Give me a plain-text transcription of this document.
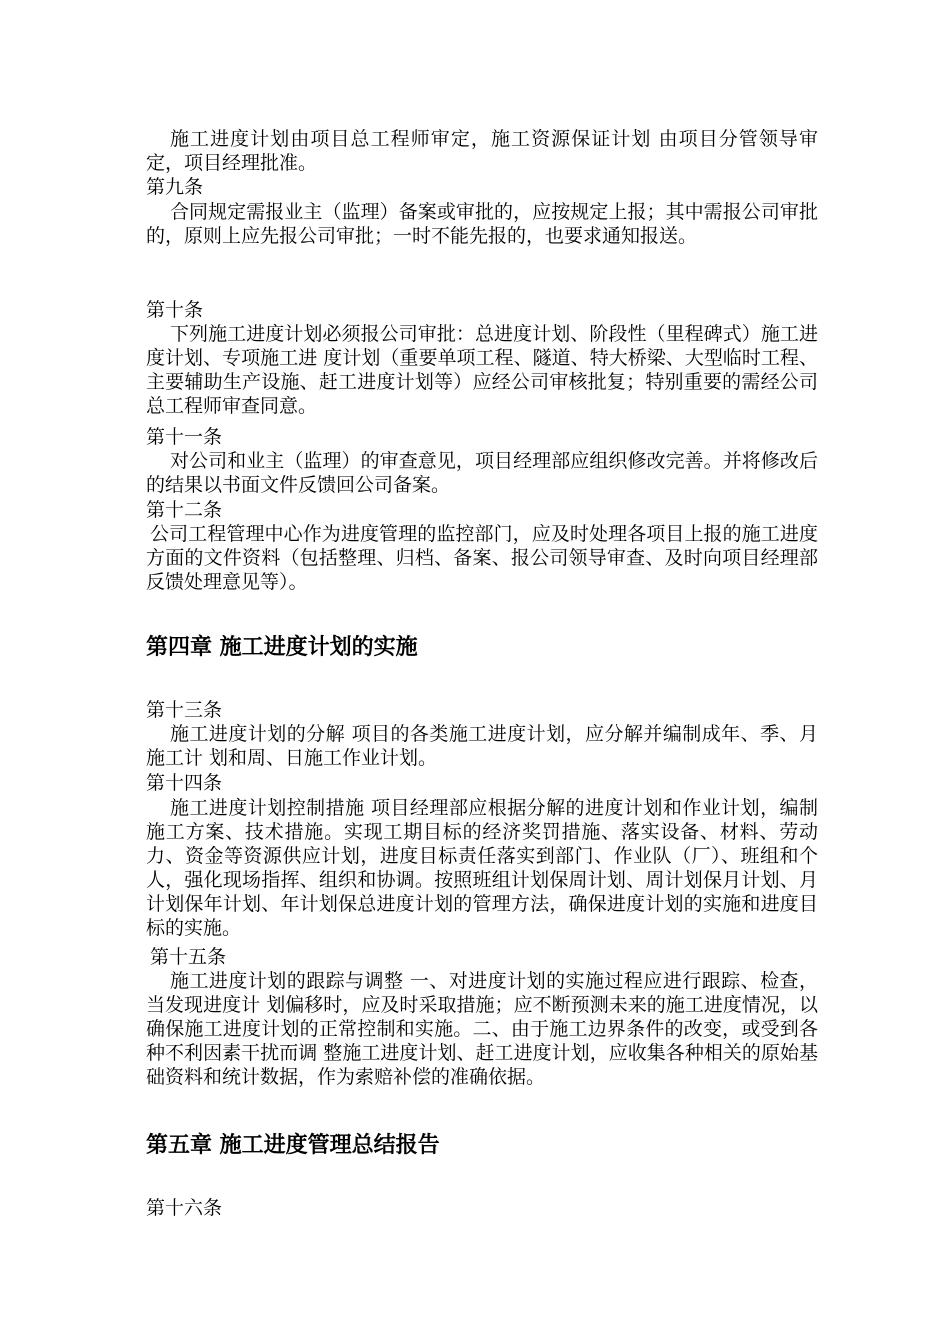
施工进度计划由项目总工程师审定，施工资源保证计划 由项目分管领导审定，项目经理批准。

第九条

合同规定需报业主（监理）备案或审批的，应按规定上报；其中需报公司审批的，原则上应先报公司审批；一时不能先报的，也要求通知报送。

第十条

下列施工进度计划必须报公司审批：总进度计划、阶段性（里程碑式）施工进度计划、专项施工进 度计划（重要单项工程、隧道、特大桥梁、大型临时工程、主要辅助生产设施、赶工进度计划等）应经公司审核批复；特别重要的需经公司总工程师审查同意。

第十一条

对公司和业主（监理）的审查意见，项目经理部应组织修改完善。并将修改后的结果以书面文件反馈回公司备案。

第十二条

公司工程管理中心作为进度管理的监控部门，应及时处理各项目上报的施工进度方面的文件资料（包括整理、归档、备案、报公司领导审查、及时向项目经理部反馈处理意见等）。

第四章 施工进度计划的实施
第十三条

施工进度计划的分解 项目的各类施工进度计划，应分解并编制成年、季、月施工计 划和周、日施工作业计划。

第十四条

施工进度计划控制措施 项目经理部应根据分解的进度计划和作业计划，编制施工方案、技术措施。实现工期目标的经济奖罚措施、落实设备、材料、劳动力、资金等资源供应计划，进度目标责任落实到部门、作业队（厂）、班组和个人，强化现场指挥、组织和协调。按照班组计划保周计划、周计划保月计划、月计划保年计划、年计划保总进度计划的管理方法，确保进度计划的实施和进度目标的实施。

第十五条

施工进度计划的跟踪与调整 一、对进度计划的实施过程应进行跟踪、检查，当发现进度计 划偏移时，应及时采取措施；应不断预测未来的施工进度情况，以确保施工进度计划的正常控制和实施。二、由于施工边界条件的改变，或受到各种不利因素干扰而调 整施工进度计划、赶工进度计划，应收集各种相关的原始基础资料和统计数据，作为索赔补偿的准确依据。

第五章 施工进度管理总结报告
第十六条
